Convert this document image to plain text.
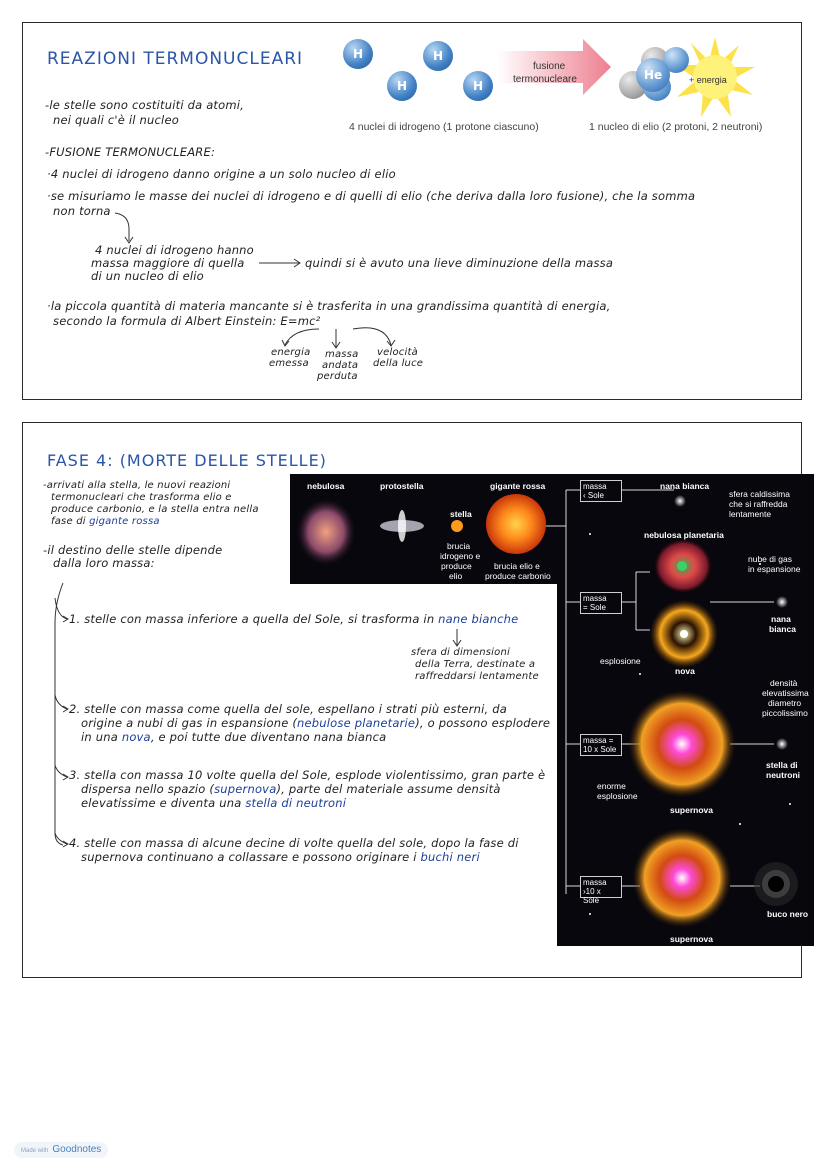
REAZIONI TERMONUCLEARI
-le stelle sono costituiti da atomi,
nei quali c'è il nucleo
-FUSIONE TERMONUCLEARE:
·4 nuclei di idrogeno danno origine a un solo nucleo di elio
·se misuriamo le masse dei nuclei di idrogeno e di quelli di elio (che deriva dalla loro fusione), che la somma
non torna
4 nuclei di idrogeno hanno
massa maggiore di quella
di un nucleo di elio
quindi si è avuto una lieve diminuzione della massa
·la piccola quantità di materia mancante si è trasferita in una grandissima quantità di energia,
secondo la formula di Albert Einstein: E=mc²
energia
emessa
massa
andata
perduta
velocità
della luce
H	H
H	H
fusione
termonucleare	+ energia
He
4 nuclei di idrogeno (1 protone ciascuno)	1 nucleo di elio (2 protoni, 2 neutroni)
FASE 4: (MORTE DELLE STELLE)
-arrivati alla stella, le nuovi reazioni
termonucleari che trasforma elio e
produce carbonio, e la stella entra nella
fase di gigante rossa
-il destino delle stelle dipende
dalla loro massa:
1. stelle con massa inferiore a quella del Sole, si trasforma in nane bianche
sfera di dimensioni
della Terra, destinate a
raffreddarsi lentamente
2. stelle con massa come quella del sole, espellano i strati più esterni, da
origine a nubi di gas in espansione (nebulose planetarie), o possono esplodere
in una nova, e poi tutte due diventano nana bianca
3. stella con massa 10 volte quella del Sole, esplode violentissimo, gran parte è
dispersa nello spazio (supernova), parte del materiale assume densità
elevatissime e diventa una stella di neutroni
4. stelle con massa di alcune decine di volte quella del sole, dopo la fase di
supernova continuano a collassare e possono originare i buchi neri
nebulosa	protostella
stella
gigante rossa
brucia
idrogeno e
produce
elio
brucia elio e
produce carbonio
massa
‹ Sole
massa
= Sole
massa =
10 x Sole
massa
›10 x Sole
nana bianca
sfera caldissima
che si raffredda
lentamente
nebulosa planetaria
nube di gas
in espansione
nana
bianca
esplosione
nova
densità
elevatissima
diametro
piccolissimo
stella di
neutroni
enorme
esplosione
supernova
buco nero
supernova
Made with Goodnotes
